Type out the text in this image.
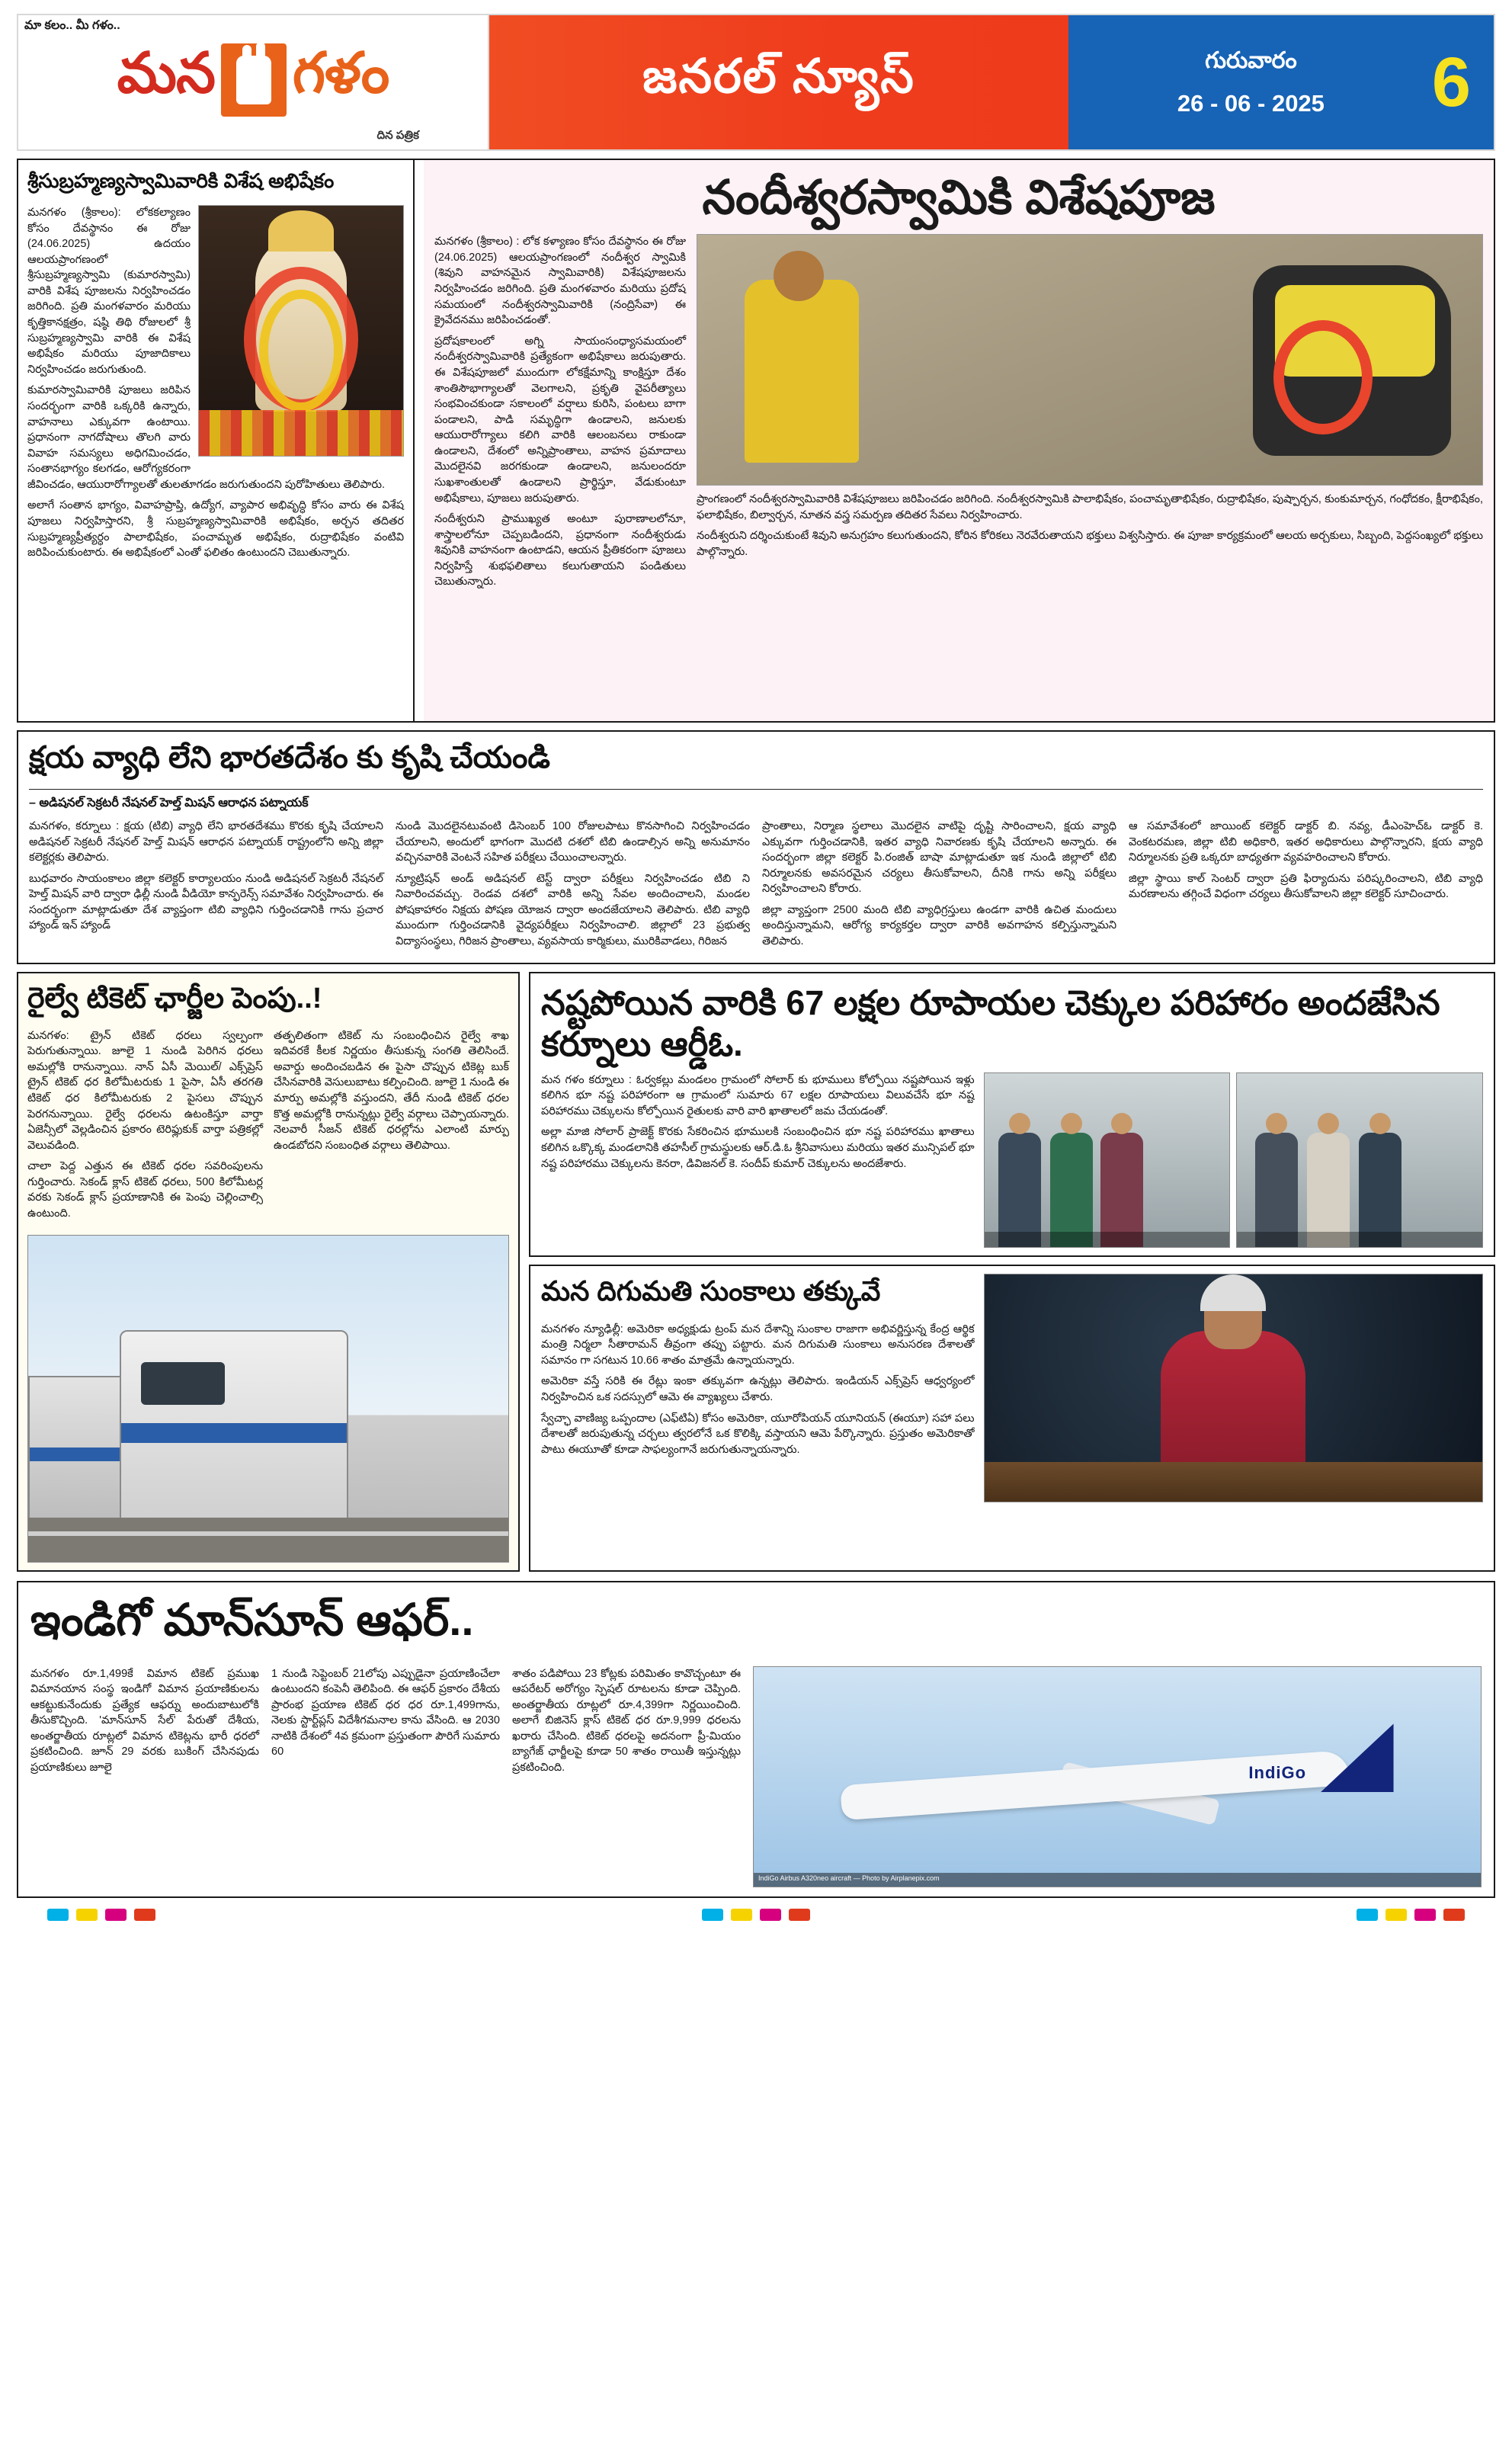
మా కలం.. మీ గళం..
మన గళం
దిన పత్రిక
జనరల్ న్యూస్	గురువారం
26 - 06 - 2025	6
శ్రీసుబ్రహ్మణ్యస్వామివారికి విశేష అభిషేకం

మనగళం (శ్రీకాలం): లోకకల్యాణం కోసం దేవస్థానం ఈ రోజు (24.06.2025) ఉదయం ఆలయప్రాంగణంలో శ్రీసుబ్రహ్మణ్యస్వామి (కుమారస్వామి) వారికి విశేష పూజలను నిర్వహించడం జరిగింది. ప్రతి మంగళవారం మరియు కృత్తికానక్షత్రం, షష్ఠి తిథి రోజులలో శ్రీ సుబ్రహ్మణ్యస్వామి వారికి ఈ విశేష అభిషేకం మరియు పూజాదికాలు నిర్వహించడం జరుగుతుంది.

కుమారస్వామివారికి పూజలు జరిపిన సందర్భంగా వారికి ఒక్కరికి ఉన్నారు, వాహనాలు ఎక్కువగా ఉంటాయి. ప్రధానంగా నాగదోషాలు తొలగి వారు వివాహ సమస్యలు అధిగమించడం, సంతానభాగ్యం కలగడం, ఆరోగ్యకరంగా జీవించడం, ఆయురారోగ్యాలతో తులతూగడం జరుగుతుందని పురోహితులు తెలిపారు.

అలాగే సంతాన భాగ్యం, వివాహప్రాప్తి, ఉద్యోగ, వ్యాపార అభివృద్ధి కోసం వారు ఈ విశేష పూజలు నిర్వహిస్తారని, శ్రీ సుబ్రహ్మణ్యస్వామివారికి అభిషేకం, అర్చన తదితర సుబ్రహ్మణ్యప్రీత్యర్ధం పాలాభిషేకం, పంచామృత అభిషేకం, రుద్రాభిషేకం వంటివి జరిపించుకుంటారు. ఈ అభిషేకంలో ఎంతో ఫలితం ఉంటుందని చెబుతున్నారు.

నందీశ్వరస్వామికి విశేషపూజ

మనగళం (శ్రీకాలం) : లోక కళ్యాణం కోసం దేవస్థానం ఈ రోజు (24.06.2025) ఆలయప్రాంగణంలో నందీశ్వర స్వామికి (శివుని వాహనమైన స్వామివారికి) విశేషపూజలను నిర్వహించడం జరిగింది. ప్రతి మంగళవారం మరియు ప్రదోష సమయంలో నందీశ్వరస్వామివారికి (నంద్రిసేవా) ఈ క్రైవేదనము జరిపించడంతో.

ప్రదోషకాలంలో అగ్ని సాయంసంధ్యాసమయంలో నందీశ్వరస్వామివారికి ప్రత్యేకంగా అభిషేకాలు జరుపుతారు. ఈ విశేషపూజలో ముందుగా లోకక్షేమాన్ని కాంక్షిస్తూ దేశం శాంతిసౌభాగ్యాలతో వెలగాలని, ప్రకృతి వైపరీత్యాలు సంభవించకుండా సకాలంలో వర్షాలు కురిసి, పంటలు బాగా పండాలని, పాడి సమృద్ధిగా ఉండాలని, జనులకు ఆయురారోగ్యాలు కలిగి వారికి ఆలంబనలు రాకుండా ఉండాలని, దేశంలో అన్నిప్రాంతాలు, వాహన ప్రమాదాలు మొదలైనవి జరగకుండా ఉండాలని, జనులందరూ సుఖశాంతులతో ఉండాలని ప్రార్థిస్తూ, వేడుకుంటూ అభిషేకాలు, పూజలు జరుపుతారు.

నందీశ్వరుని ప్రాముఖ్యత అంటూ పురాణాలలోనూ, శాస్త్రాలలోనూ చెప్పబడిందని, ప్రధానంగా నందీశ్వరుడు శివునికి వాహనంగా ఉంటాడని, ఆయన ప్రీతికరంగా పూజలు నిర్వహిస్తే శుభఫలితాలు కలుగుతాయని పండితులు చెబుతున్నారు.

ప్రాంగణంలో నందీశ్వరస్వామివారికి విశేషపూజలు జరిపించడం జరిగింది. నందీశ్వరస్వామికి పాలాభిషేకం, పంచామృతాభిషేకం, రుద్రాభిషేకం, పుష్పార్చన, కుంకుమార్చన, గంధోదకం, క్షీరాభిషేకం, ఫలాభిషేకం, బిల్వార్చన, నూతన వస్త్ర సమర్పణ తదితర సేవలు నిర్వహించారు.

నందీశ్వరుని దర్శించుకుంటే శివుని అనుగ్రహం కలుగుతుందని, కోరిన కోరికలు నెరవేరుతాయని భక్తులు విశ్వసిస్తారు. ఈ పూజా కార్యక్రమంలో ఆలయ అర్చకులు, సిబ్బంది, పెద్దసంఖ్యలో భక్తులు పాల్గొన్నారు.

క్షయ వ్యాధి లేని భారతదేశం కు కృషి చేయండి
– అడిషనల్ సెక్రటరీ నేషనల్ హెల్త్ మిషన్ ఆరాధన పట్నాయక్

మనగళం, కర్నూలు : క్షయ (టిబి) వ్యాధి లేని భారతదేశము కొరకు కృషి చేయాలని అడిషనల్ సెక్రటరీ నేషనల్ హెల్త్ మిషన్ ఆరాధన పట్నాయక్ రాష్ట్రంలోని అన్ని జిల్లా కలెక్టర్లకు తెలిపారు.

బుధవారం సాయంకాలం జిల్లా కలెక్టర్ కార్యాలయం నుండి అడిషనల్ సెక్రటరీ నేషనల్ హెల్త్ మిషన్ వారి ద్వారా ఢిల్లీ నుండి వీడియో కాన్ఫరెన్స్ సమావేశం నిర్వహించారు. ఈ సందర్భంగా మాట్లాడుతూ దేశ వ్యాప్తంగా టిబి వ్యాధిని గుర్తించడానికి గాను ప్రచార హ్యాండ్ ఇన్ హ్యాండ్

నుండి మొదలైనటువంటి డిసెంబర్ 100 రోజులపాటు కొనసాగించి నిర్వహించడం చేయాలని, అందులో భాగంగా మొదటి దశలో టిబి ఉండాల్సిన అన్ని అనుమానం వచ్చినవారికి వెంటనే సహిత పరీక్షలు చేయించాలన్నారు.

న్యూట్రిషన్ అండ్ అడిషనల్ టెస్ట్ ద్వారా పరీక్షలు నిర్వహించడం టిబి ని నివారించవచ్చు. రెండవ దశలో వారికి అన్ని సేవల అందించాలని, మండల పోషకాహారం నిక్షయ పోషణ యోజన ద్వారా అందజేయాలని తెలిపారు. టిబి వ్యాధి ముందుగా గుర్తించడానికి వైద్యపరీక్షలు నిర్వహించాలి. జిల్లాలో 23 ప్రభుత్వ విద్యాసంస్థలు, గిరిజన ప్రాంతాలు, వ్యవసాయ కార్మికులు, మురికివాడలు, గిరిజన

ప్రాంతాలు, నిర్మాణ స్థలాలు మొదలైన వాటిపై దృష్టి సారించాలని, క్షయ వ్యాధి ఎక్కువగా గుర్తించడానికి, ఇతర వ్యాధి నివారణకు కృషి చేయాలని అన్నారు. ఈ సందర్భంగా జిల్లా కలెక్టర్ పి.రంజిత్ బాషా మాట్లాడుతూ ఇక నుండి జిల్లాలో టిబి నిర్మూలనకు అవసరమైన చర్యలు తీసుకోవాలని, దీనికి గాను అన్ని పరీక్షలు నిర్వహించాలని కోరారు.

జిల్లా వ్యాప్తంగా 2500 మంది టిబి వ్యాధిగ్రస్తులు ఉండగా వారికి ఉచిత మందులు అందిస్తున్నామని, ఆరోగ్య కార్యకర్తల ద్వారా వారికి అవగాహన కల్పిస్తున్నామని తెలిపారు.

ఆ సమావేశంలో జాయింట్ కలెక్టర్ డాక్టర్ బి. నవ్య, డీఎంహెచ్ఓ డాక్టర్ కె. వెంకటరమణ, జిల్లా టిబి అధికారి, ఇతర అధికారులు పాల్గొన్నారని, క్షయ వ్యాధి నిర్మూలనకు ప్రతి ఒక్కరూ బాధ్యతగా వ్యవహరించాలని కోరారు.

జిల్లా స్థాయి కాల్ సెంటర్ ద్వారా ప్రతి ఫిర్యాదును పరిష్కరించాలని, టిబి వ్యాధి మరణాలను తగ్గించే విధంగా చర్యలు తీసుకోవాలని జిల్లా కలెక్టర్ సూచించారు.

రైల్వే టికెట్ ఛార్జీల పెంపు..!

మనగళం: ట్రైన్ టికెట్ ధరలు స్వల్పంగా పెరుగుతున్నాయి. జూలై 1 నుండి పెరిగిన ధరలు అమల్లోకి రానున్నాయి. నాన్ ఏసీ మెయిల్/ ఎక్స్‌ప్రెస్ ట్రైన్ టికెట్ ధర కిలోమీటరుకు 1 పైసా, ఏసీ తరగతి టికెట్ ధర కిలోమీటరుకు 2 పైసలు చొప్పున పెరగనున్నాయి. రైల్వే ధరలను ఉటంకిస్తూ వార్తా ఏజెన్సీలో వెల్లడించిన ప్రకారం టెరిఫ్లుకుక్ వార్తా పత్రికల్లో వెలువడింది.

చాలా పెద్ద ఎత్తున ఈ టికెట్ ధరల సవరింపులను గుర్తించారు. సెకండ్ క్లాస్ టికెట్ ధరలు, 500 కిలోమీటర్ల వరకు సెకండ్ క్లాస్ ప్రయాణానికి ఈ పెంపు చెల్లించాల్సి ఉంటుంది.

తత్ఫలితంగా టికెట్ ను సంబంధించిన రైల్వే శాఖ ఇదివరకే కీలక నిర్ణయం తీసుకున్న సంగతి తెలిసిందే. అవార్డు అందించబడిన ఈ పైసా చొప్పున టికెట్ల బుక్ చేసినవారికి వెసులుబాటు కల్పించింది. జూలై 1 నుండి ఈ మార్పు అమల్లోకి వస్తుందని, తేదీ నుండి టికెట్ ధరల కొత్త అమల్లోకి రానున్నట్లు రైల్వే వర్గాలు చెప్పాయన్నారు. నెలవారీ సీజన్ టికెట్ ధరల్లోను ఎలాంటి మార్పు ఉండబోదని సంబంధిత వర్గాలు తెలిపాయి.

నష్టపోయిన వారికి 67 లక్షల రూపాయల చెక్కుల పరిహారం అందజేసిన కర్నూలు ఆర్డీఓ.

మన గళం కర్నూలు : ఓర్వకల్లు మండలం గ్రామంలో సోలార్ కు భూములు కోల్పోయి నష్టపోయిన ఇళ్లు కలిగిన భూ నష్ట పరిహారంగా ఆ గ్రామంలో సుమారు 67 లక్షల రూపాయలు విలువచేసే భూ నష్ట పరిహారము చెక్కులను కోల్పోయిన రైతులకు వారి వారి ఖాతాలలో జమ చేయడంతో.

అల్లా మాజి సోలార్ ప్రాజెక్ట్ కొరకు సేకరించిన భూములకి సంబంధించిన భూ నష్ట పరిహారము ఖాతాలు కలిగిన ఒక్కొక్క మండలానికి తహసీల్ గ్రామస్థులకు ఆర్.డి.ఓ శ్రీనివాసులు మరియు ఇతర మున్సిపల్ భూ నష్ట పరిహారము చెక్కులను కెనరా, డివిజనల్ కె. సందీప్ కుమార్ చెక్కులను అందజేశారు.

మన దిగుమతి సుంకాలు తక్కువే

మనగళం న్యూఢిల్లీ: అమెరికా అధ్యక్షుడు ట్రంప్ మన దేశాన్ని సుంకాల రాజాగా అభివర్ణిస్తున్న కేంద్ర ఆర్థిక మంత్రి నిర్మలా సీతారామన్ తీవ్రంగా తప్పు పట్టారు. మన దిగుమతి సుంకాలు అనుసరణ దేశాలతో సమానం గా సగటున 10.66 శాతం మాత్రమే ఉన్నాయన్నారు.

అమెరికా వస్తే సరికి ఈ రేట్లు ఇంకా తక్కువగా ఉన్నట్లు తెలిపారు. ఇండియన్ ఎక్స్‌ప్రెస్ ఆధ్వర్యంలో నిర్వహించిన ఒక సదస్సులో ఆమె ఈ వ్యాఖ్యలు చేశారు.

స్వేచ్ఛా వాణిజ్య ఒప్పందాల (ఎఫ్‌టిఏ) కోసం అమెరికా, యూరోపియన్ యూనియన్ (ఈయూ) సహా పలు దేశాలతో జరుపుతున్న చర్చలు త్వరలోనే ఒక కొలిక్కి వస్తాయని ఆమె పేర్కొన్నారు. ప్రస్తుతం అమెరికాతో పాటు ఈయూతో కూడా సాఫల్యంగానే జరుగుతున్నాయన్నారు.

ఇండిగో మాన్‌సూన్ ఆఫర్..

మనగళం రూ.1,499కే విమాన టికెట్ ప్రముఖ విమానయాన సంస్థ ఇండిగో విమాన ప్రయాణికులను ఆకట్టుకునేందుకు ప్రత్యేక ఆఫర్ను అందుబాటులోకి తీసుకొచ్చింది. 'మాన్‌సూన్ సేల్' పేరుతో దేశీయ, అంతర్జాతీయ రూట్లలో విమాన టికెట్లను భారీ ధరలో ప్రకటించింది. జూన్ 29 వరకు బుకింగ్ చేసినపుడు ప్రయాణికులు జూలై

1 నుండి సెప్టెంబర్ 21లోపు ఎప్పుడైనా ప్రయాణించేలా ఉంటుందని కంపెనీ తెలిపింది. ఈ ఆఫర్ ప్రకారం దేశీయ ప్రారంభ ప్రయాణ టికెట్ ధర ధర రూ.1,499గాను, నెలకు స్టార్ట్‌ప్లస్ విదేశీగమనాల కాను వేసింది. ఆ 2030 నాటికి దేశంలో 4వ క్రమంగా ప్రస్తుతంగా పౌరిగే సుమారు 60

శాతం పడిపోయి 23 కోట్లకు పరిమితం కావొచ్చంటూ ఈ ఆపరేటర్ అరోగ్యం స్పెషల్ రూటలను కూడా చెప్పింది. అంతర్జాతీయ రూట్లలో రూ.4,399గా నిర్ణయించింది. అలాగే బిజినెస్ క్లాస్ టికెట్ ధర రూ.9,999 ధరలను ఖరారు చేసింది. టికెట్ ధరలపై అదనంగా ప్రీ-మియం బ్యాగేజ్ ఛార్జీలపై కూడా 50 శాతం రాయితీ ఇస్తున్నట్లు ప్రకటించింది.	IndiGo
IndiGo Airbus A320neo aircraft — Photo by Airplanepix.com
